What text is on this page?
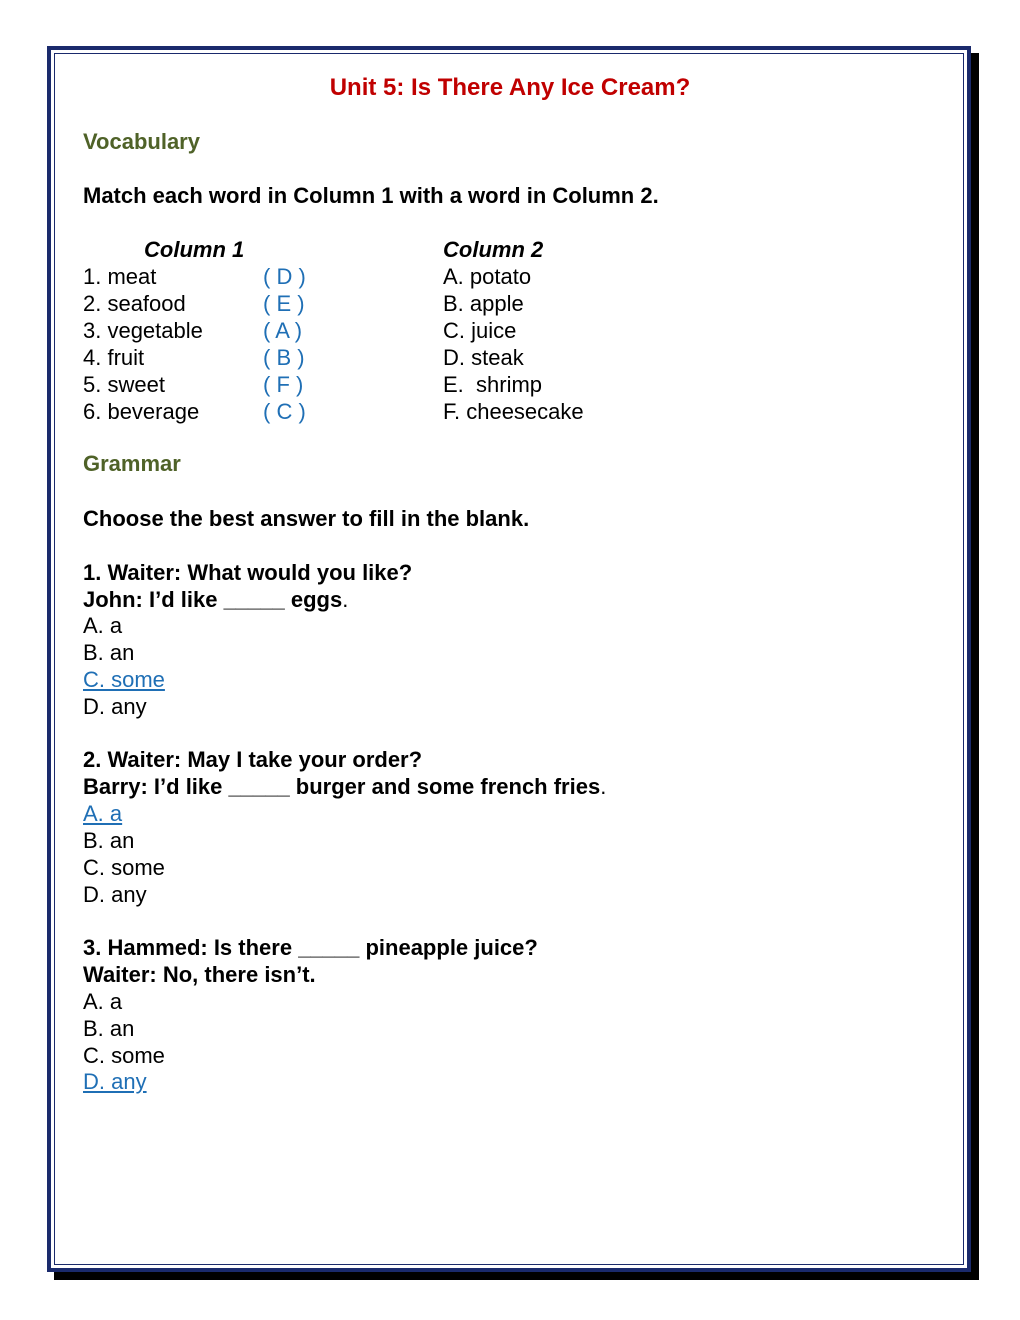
Unit 5: Is There Any Ice Cream?
Vocabulary
Match each word in Column 1 with a word in Column 2.
Column 1	Column 2
1. meat	( D )	A. potato
2. seafood	( E )	B. apple
3. vegetable	( A )	C. juice
4. fruit	( B )	D. steak
5. sweet	( F )	E.  shrimp
6. beverage	( C )	F. cheesecake
Grammar
Choose the best answer to fill in the blank.
1. Waiter: What would you like?
John: I’d like _____ eggs.
A. a
B. an
C. some
D. any
2. Waiter: May I take your order?
Barry: I’d like _____ burger and some french fries.
A. a
B. an
C. some
D. any
3. Hammed: Is there _____ pineapple juice?
Waiter: No, there isn’t.
A. a
B. an
C. some
D. any
